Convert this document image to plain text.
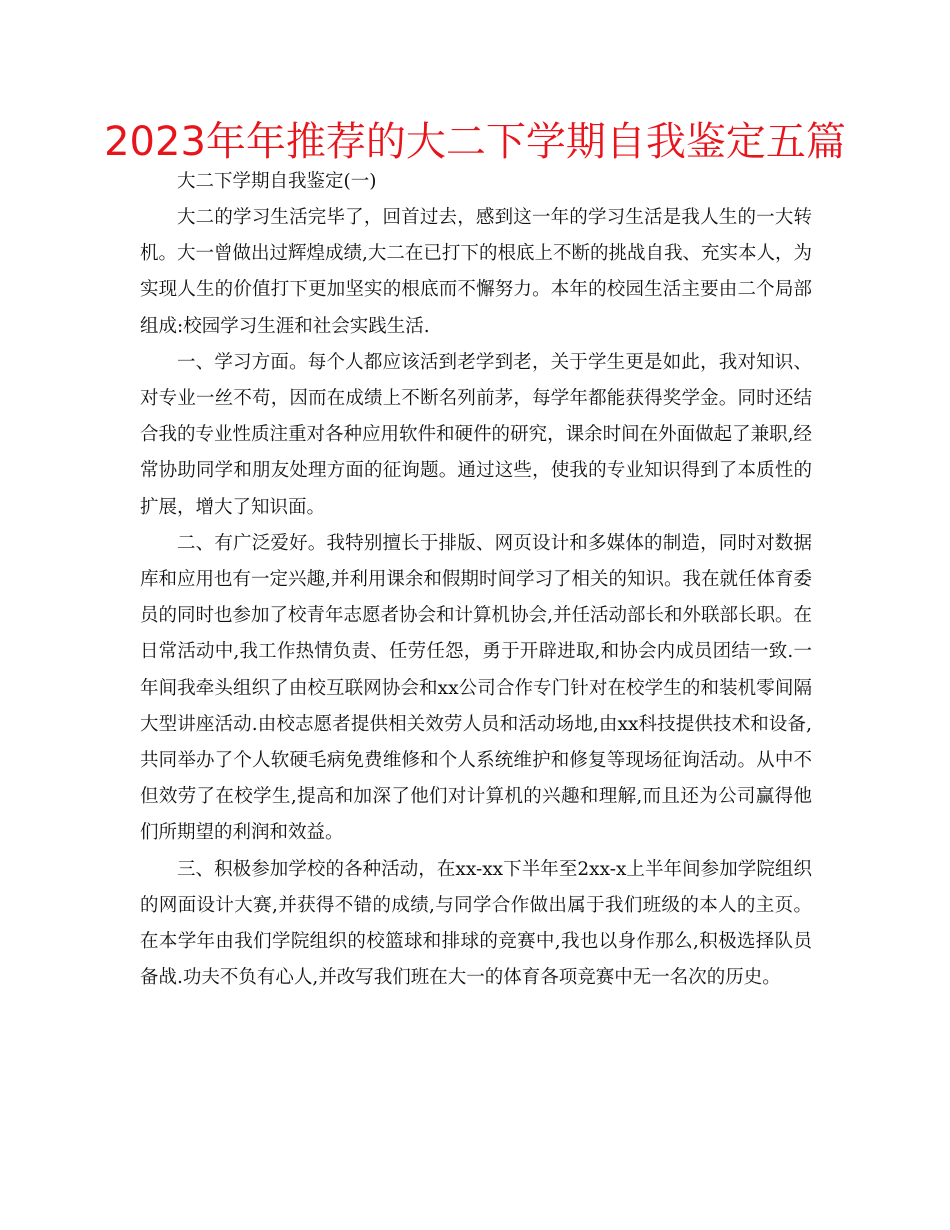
2023年年推荐的大二下学期自我鉴定五篇

大二下学期自我鉴定(一)

大二的学习生活完毕了，回首过去，感到这一年的学习生活是我人生的一大转机。大一曾做出过辉煌成绩,大二在已打下的根底上不断的挑战自我、充实本人，为实现人生的价值打下更加坚实的根底而不懈努力。本年的校园生活主要由二个局部组成:校园学习生涯和社会实践生活.

一、学习方面。每个人都应该活到老学到老，关于学生更是如此，我对知识、对专业一丝不苟，因而在成绩上不断名列前茅，每学年都能获得奖学金。同时还结合我的专业性质注重对各种应用软件和硬件的研究，课余时间在外面做起了兼职,经常协助同学和朋友处理方面的征询题。通过这些，使我的专业知识得到了本质性的扩展，增大了知识面。

二、有广泛爱好。我特别擅长于排版、网页设计和多媒体的制造，同时对数据库和应用也有一定兴趣,并利用课余和假期时间学习了相关的知识。我在就任体育委员的同时也参加了校青年志愿者协会和计算机协会,并任活动部长和外联部长职。在日常活动中,我工作热情负责、任劳任怨，勇于开辟进取,和协会内成员团结一致.一年间我牵头组织了由校互联网协会和xx公司合作专门针对在校学生的和装机零间隔大型讲座活动.由校志愿者提供相关效劳人员和活动场地,由xx科技提供技术和设备,共同举办了个人软硬毛病免费维修和个人系统维护和修复等现场征询活动。从中不但效劳了在校学生,提高和加深了他们对计算机的兴趣和理解,而且还为公司赢得他们所期望的利润和效益。

三、积极参加学校的各种活动，在xx-xx下半年至2xx-x上半年间参加学院组织的网面设计大赛,并获得不错的成绩,与同学合作做出属于我们班级的本人的主页。在本学年由我们学院组织的校篮球和排球的竞赛中,我也以身作那么,积极选择队员备战.功夫不负有心人,并改写我们班在大一的体育各项竞赛中无一名次的历史。
